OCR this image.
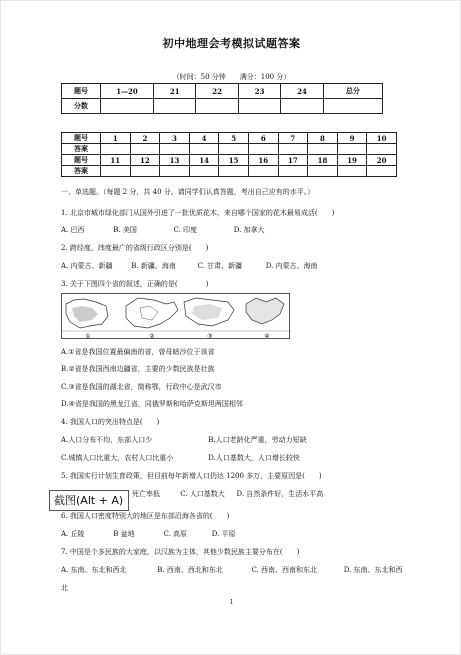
初中地理会考模拟试题答案
（时间：50 分钟　　满分：100 分）
题号	1—20	21	22	23	24	总分
分数						
题号	1	2	3	4	5	6	7	8	9	10
答案										
题号	11	12	13	14	15	16	17	18	19	20
答案										
一、单选题。（每题 2 分，共 40 分。请同学们认真答题，考出自己应有的水平。）
1. 北京市城市绿化部门从国外引进了一批优质花木，来自哪个国家的花木最易成活(　　)
A. 巴西	B. 美国	C. 印度	D. 加拿大
2. 跨经度、纬度最广的省级行政区分别是(　　)
A. 内蒙古、新疆	B. 新疆、海南	C. 甘肃、新疆	D. 内蒙古、海南
3. 关于下图四个省的叙述，正确的是(　　　　)
①	②	③	④
A.①省是我国位置最偏南的省，曾母暗沙位于该省
B.②省是我国西南边疆省，主要的少数民族是壮族
C.③省是我国的湖北省，简称鄂，行政中心是武汉市
D.④省是我国的黑龙江省，同俄罗斯和哈萨克斯坦两国相邻
4. 我国人口的突出特点是(　　)
A.人口分布不均，东部人口少	B.人口老龄化严重，劳动力短缺
C.城镇人口比重大，农村人口比重小	D.人口基数大，人口增长较快
5. 我国实行计划生育政策，但目前每年新增人口仍达 1200 多万，主要原因是(　　)
死亡率低	C. 人口基数大 D. 自然条件好，生活水平高
6. 我国人口密度特别大的地区是东部沿海各省的(　　)
A. 丘陵	B 盆地	C. 高原	D. 平原
7. 中国是个多民族的大家庭，以汉族为主体，其他少数民族主要分布在(　　)
A. 东南、东北和西北	B. 西南、西北和东北	C. 西南、西南和东北	D. 东南、东北和西
北
1
截图(Alt + A)
